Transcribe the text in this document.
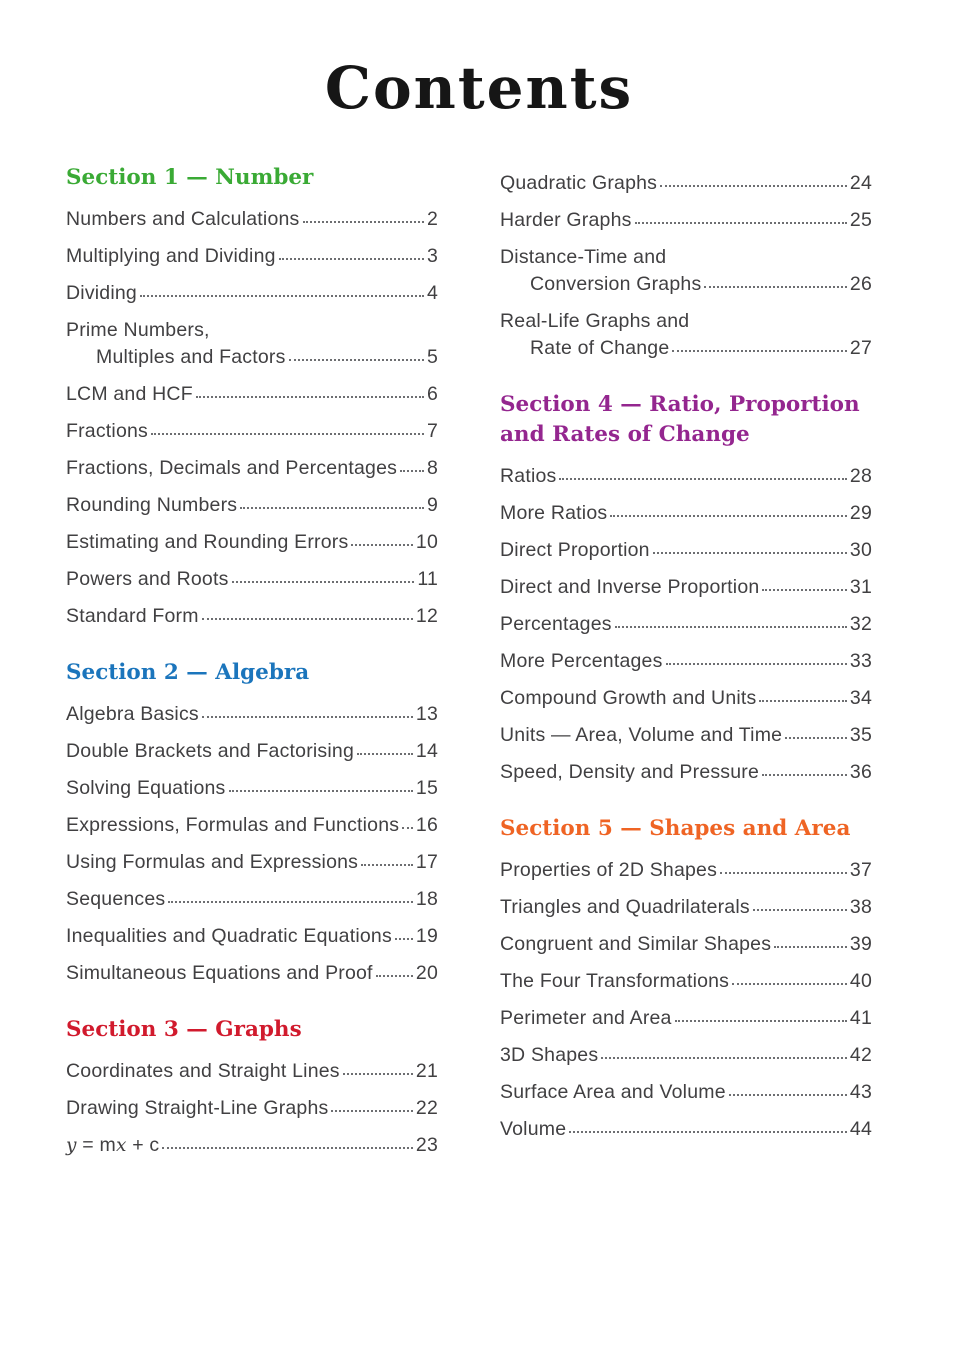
Contents
Section 1 — Number
Numbers and Calculations	2
Multiplying and Dividing	3
Dividing	4
Prime Numbers,
Multiples and Factors	5
LCM and HCF	6
Fractions	7
Fractions, Decimals and Percentages 8
Rounding Numbers	9
Estimating and Rounding Errors	10
Powers and Roots	11
Standard Form	12
Section 2 — Algebra
Algebra Basics	13
Double Brackets and Factorising	14
Solving Equations	15
Expressions, Formulas and Functions 16
Using Formulas and Expressions	17
Sequences	18
Inequalities and Quadratic Equations 19
Simultaneous Equations and Proof 20
Section 3 — Graphs
Coordinates and Straight Lines	21
Drawing Straight-Line Graphs	22
y = mx + c	23
Quadratic Graphs	24
Harder Graphs	25
Distance-Time and
Conversion Graphs	26
Real-Life Graphs and
Rate of Change	27
Section 4 — Ratio, Proportion and Rates of Change
Ratios	28
More Ratios	29
Direct Proportion	30
Direct and Inverse Proportion	31
Percentages	32
More Percentages	33
Compound Growth and Units	34
Units — Area, Volume and Time	35
Speed, Density and Pressure	36
Section 5 — Shapes and Area
Properties of 2D Shapes	37
Triangles and Quadrilaterals	38
Congruent and Similar Shapes	39
The Four Transformations	40
Perimeter and Area	41
3D Shapes	42
Surface Area and Volume	43
Volume	44
